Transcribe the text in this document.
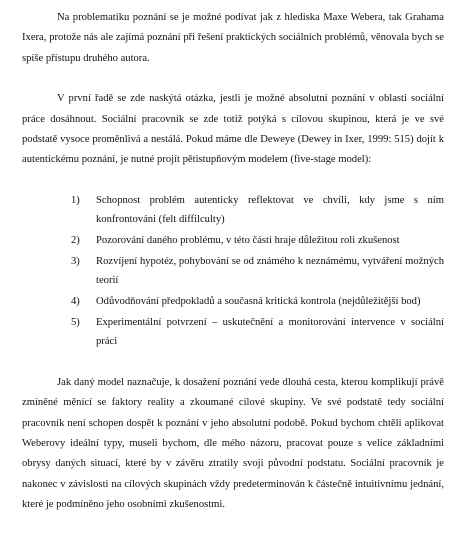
Na problematiku poznání se je možné podívat jak z hlediska Maxe Webera, tak Grahama Ixera, protože nás ale zajímá poznání při řešení praktických sociálních problémů, věnovala bych se spíše přístupu druhého autora.

V první řadě se zde naskýtá otázka, jestli je možné absolutní poznání v oblasti sociální práce dosáhnout. Sociální pracovník se zde totiž potýká s cílovou skupinou, která je ve své podstatě vysoce proměnlivá a nestálá. Pokud máme dle Deweye (Dewey in Ixer, 1999: 515) dojít k autentickému poznání, je nutné projít pětistupňovým modelem (five-stage model):

1) Schopnost problém autenticky reflektovat ve chvíli, kdy jsme s ním konfrontováni (felt diffilculty)
2) Pozorování daného problému, v této části hraje důležitou roli zkušenost
3) Rozvíjení hypotéz, pohybování se od známého k neznámému, vytváření možných teorií
4) Odůvodňování předpokladů a současná kritická kontrola (nejdůležitější bod)
5) Experimentální potvrzení – uskutečnění a monitorování intervence v sociální práci

Jak daný model naznačuje, k dosažení poznání vede dlouhá cesta, kterou komplikují právě zmíněné měnící se faktory reality a zkoumané cílové skupiny. Ve své podstatě tedy sociální pracovník není schopen dospět k poznání v jeho absolutní podobě. Pokud bychom chtěli aplikovat Weberovy ideální typy, museli bychom, dle mého názoru, pracovat pouze s velice základními obrysy daných situací, které by v závěru ztratily svoji původní podstatu. Sociální pracovník je nakonec v závislosti na cílových skupinách vždy predeterminován k částečně intuitivnímu jednání, které je podmíněno jeho osobními zkušenostmi.
